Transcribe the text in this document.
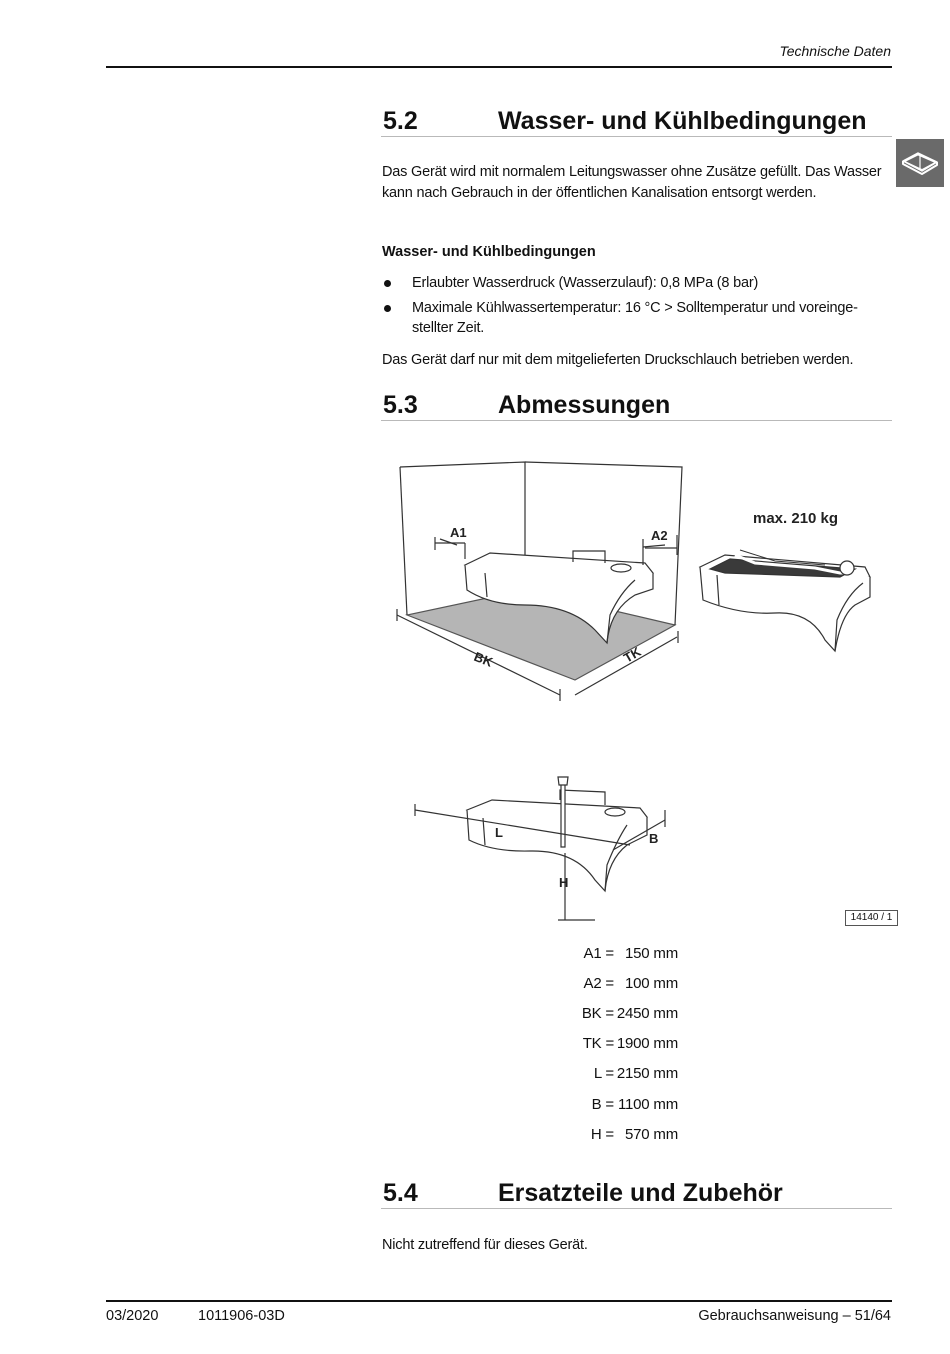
Technische Daten
5.2	Wasser- und Kühlbedingungen

Das Gerät wird mit normalem Leitungswasser ohne Zusätze gefüllt. Das Wasser kann nach Gebrauch in der öffentlichen Kanalisation entsorgt werden.

Wasser- und Kühlbedingungen
Erlaubter Wasserdruck (Wasserzulauf): 0,8 MPa (8 bar)
Maximale Kühlwassertemperatur: 16 °C > Solltemperatur und voreingestellter Zeit.

Das Gerät darf nur mit dem mitgelieferten Druckschlauch betrieben werden.

5.3	Abmessungen
A1	A2
BK	TK
max. 210 kg
L	B
H
14140 / 1
A1 =	150 mm
A2 =	100 mm
BK =	2450 mm
TK =	1900 mm
L =	2150 mm
B =	1100 mm
H =	570 mm
5.4	Ersatzteile und Zubehör

Nicht zutreffend für dieses Gerät.

03/2020	1011906-03D	Gebrauchsanweisung – 51/64
